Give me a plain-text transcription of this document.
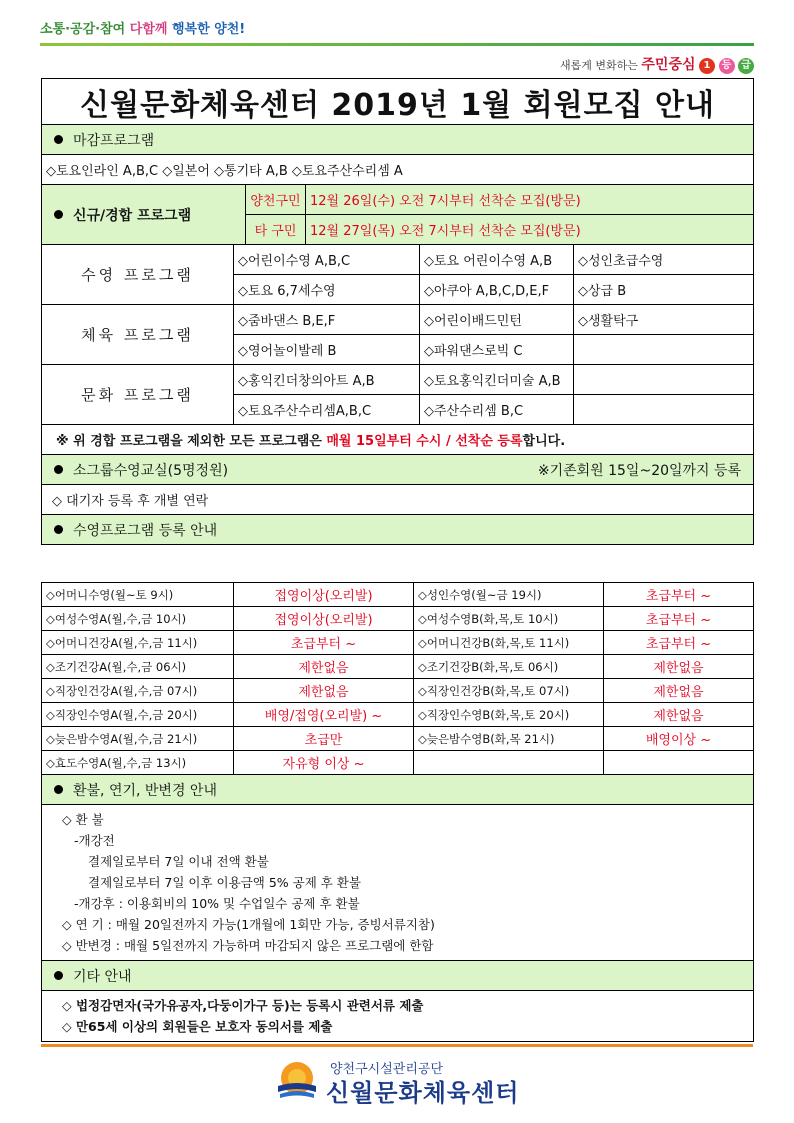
소통·공감·참여 다함께 행복한 양천!
새롭게 변화하는 주민중심 1 등 급
신월문화체육센터 2019년 1월 회원모집 안내					
마감프로그램					
◇토요인라인 A,B,C ◇일본어 ◇통기타 A,B ◇토요주산수리셈 A					
신규/경합 프로그램		양천구민	12월 26일(수) 오전 7시부터 선착순 모집(방문)		
		타 구민	12월 27일(목) 오전 7시부터 선착순 모집(방문)		
수영 프로그램	◇어린이수영 A,B,C			◇토요 어린이수영 A,B	◇성인초급수영
	◇토요 6,7세수영			◇아쿠아 A,B,C,D,E,F	◇상급 B
체육 프로그램	◇줌바댄스 B,E,F			◇어린이배드민턴	◇생활탁구
	◇영어놀이발레 B			◇파워댄스로빅 C	
문화 프로그램	◇홍익킨더창의아트 A,B			◇토요홍익킨더미술 A,B	
	◇토요주산수리셈A,B,C			◇주산수리셈 B,C	
※ 위 경합 프로그램을 제외한 모든 프로그램은 매월 15일부터 수시 / 선착순 등록합니다.					
소그룹수영교실(5명정원) ※기존회원 15일~20일까지 등록					

◇ 대기자 등록 후 개별 연락					
수영프로그램 등록 안내					
◇어머니수영(월~토 9시)	접영이상(오리발)	◇성인수영(월~금 19시)	초급부터 ~
◇여성수영A(월,수,금 10시)	접영이상(오리발)	◇여성수영B(화,목,토 10시)	초급부터 ~
◇어머니건강A(월,수,금 11시)	초급부터 ~	◇어머니건강B(화,목,토 11시)	초급부터 ~
◇조기건강A(월,수,금 06시)	제한없음	◇조기건강B(화,목,토 06시)	제한없음
◇직장인건강A(월,수,금 07시)	제한없음	◇직장인건강B(화,목,토 07시)	제한없음
◇직장인수영A(월,수,금 20시)	배영/접영(오리발) ~	◇직장인수영B(화,목,토 20시)	제한없음
◇늦은밤수영A(월,수,금 21시)	초급만	◇늦은밤수영B(화,목 21시)	배영이상 ~
◇효도수영A(월,수,금 13시)	자유형 이상 ~		
환불, 연기, 반변경 안내

◇ 환 불
-개강전
결제일로부터 7일 이내 전액 환불
결제일로부터 7일 이후 이용금액 5% 공제 후 환불
-개강후 : 이용회비의 10% 및 수업일수 공제 후 환불
◇ 연 기 : 매월 20일전까지 가능(1개월에 1회만 가능, 증빙서류지참)
◇ 반변경 : 매월 5일전까지 가능하며 마감되지 않은 프로그램에 한함

기타 안내

◇ 법정감면자(국가유공자,다둥이가구 등)는 등록시 관련서류 제출
◇ 만65세 이상의 회원들은 보호자 동의서를 제출
양천구시설관리공단
신월문화체육센터
